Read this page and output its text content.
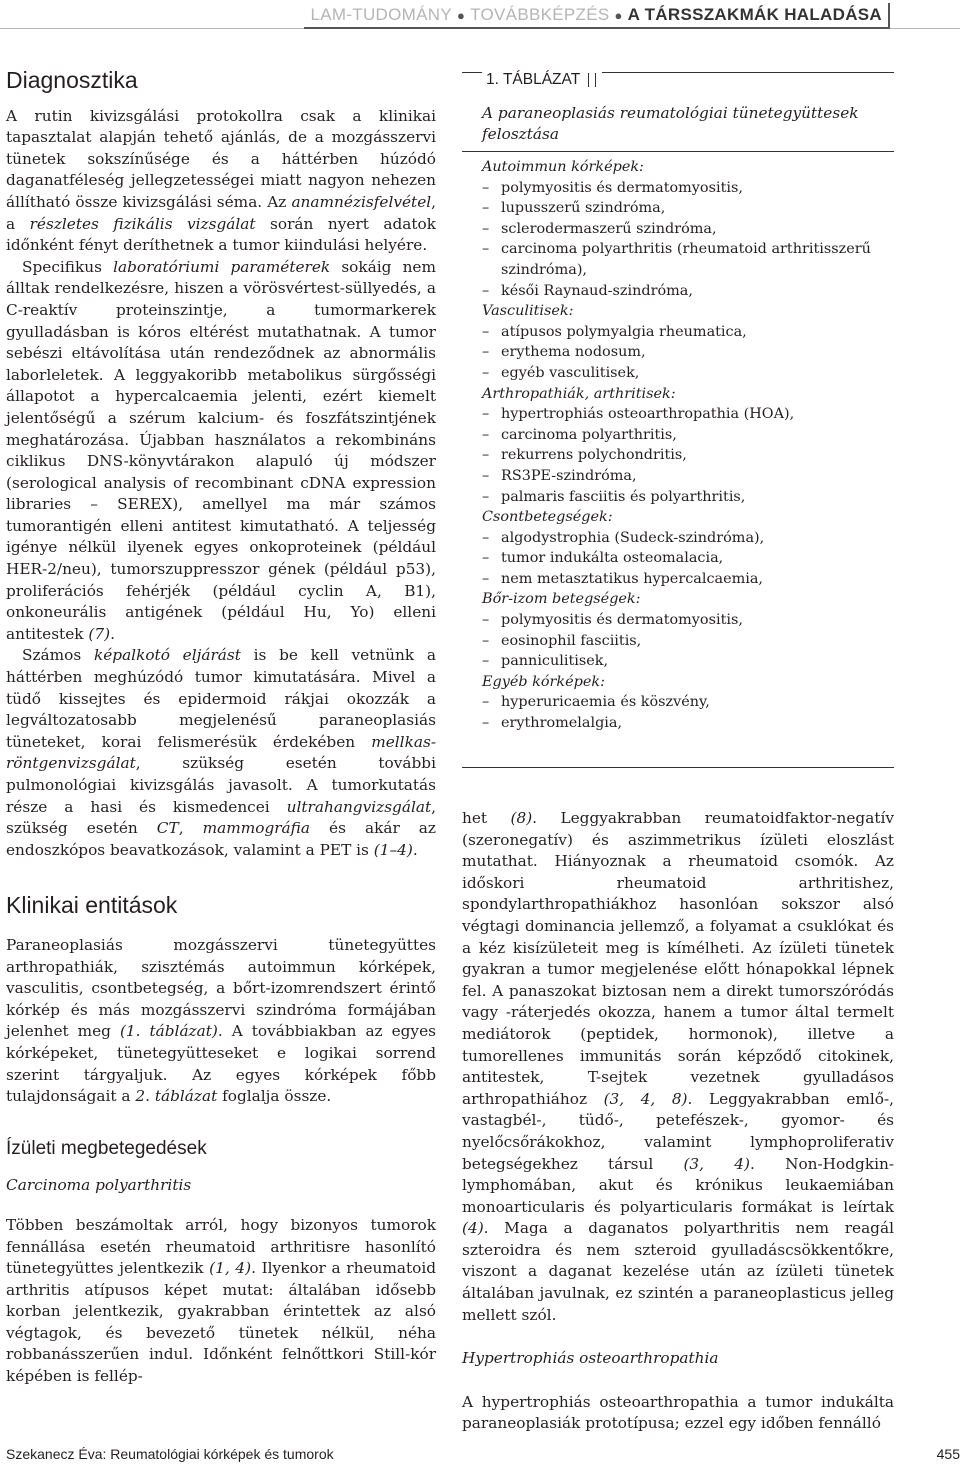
LAM-TUDOMÁNY ● TOVÁBBKÉPZÉS ● A TÁRSSZAKMÁK HALADÁSA
Diagnosztika

A rutin kivizsgálási protokollra csak a klinikai tapasztalat alapján tehető ajánlás, de a mozgásszervi tünetek sokszínűsége és a háttérben húzódó daganatféleség jellegzetességei miatt nagyon nehezen állítható össze kivizsgálási séma. Az anamnézisfelvétel, a részletes fizikális vizsgálat során nyert adatok időnként fényt deríthetnek a tumor kiindulási helyére.

Specifikus laboratóriumi paraméterek sokáig nem álltak rendelkezésre, hiszen a vörösvértest-süllyedés, a C-reaktív proteinszintje, a tumormarkerek gyulladásban is kóros eltérést mutathatnak. A tumor sebészi eltávolítása után rendeződnek az abnormális laborleletek. A leggyakoribb metabolikus sürgősségi állapotot a hypercalcaemia jelenti, ezért kiemelt jelentőségű a szérum kalcium- és foszfátszintjének meghatározása. Újabban használatos a rekombináns ciklikus DNS-könyvtárakon alapuló új módszer (serological analysis of recombinant cDNA expression libraries – SEREX), amellyel ma már számos tumorantigén elleni antitest kimutatható. A teljesség igénye nélkül ilyenek egyes onkoproteinek (például HER-2/neu), tumorszuppresszor gének (például p53), proliferációs fehérjék (például cyclin A, B1), onkoneurális antigének (például Hu, Yo) elleni antitestek (7).

Számos képalkotó eljárást is be kell vetnünk a háttérben meghúzódó tumor kimutatására. Mivel a tüdő kissejtes és epidermoid rákjai okozzák a legváltozatosabb megjelenésű paraneoplasiás tüneteket, korai felismerésük érdekében mellkas-röntgenvizsgálat, szükség esetén további pulmonológiai kivizsgálás javasolt. A tumorkutatás része a hasi és kismedencei ultrahangvizsgálat, szükség esetén CT, mammográfia és akár az endoszkópos beavatkozások, valamint a PET is (1–4).

Klinikai entitások

Paraneoplasiás mozgásszervi tünetegyüttes arthropathiák, szisztémás autoimmun kórképek, vasculitis, csontbetegség, a bőrt-izomrendszert érintő kórkép és más mozgásszervi szindróma formájában jelenhet meg (1. táblázat). A továbbiakban az egyes kórképeket, tünetegyütteseket e logikai sorrend szerint tárgyaljuk. Az egyes kórképek főbb tulajdonságait a 2. táblázat foglalja össze.

Ízületi megbetegedések

Carcinoma polyarthritis

Többen beszámoltak arról, hogy bizonyos tumorok fennállása esetén rheumatoid arthritisre hasonlító tünetegyüttes jelentkezik (1, 4). Ilyenkor a rheumatoid arthritis atípusos képet mutat: általában idősebb korban jelentkezik, gyakrabban érintettek az alsó végtagok, és bevezető tünetek nélkül, néha robbanásszerűen indul. Időnként felnőttkori Still-kór képében is fellép-

1. TÁBLÁZAT
A paraneoplasiás reumatológiai tünetegyüttesek felosztása
Autoimmun kórképek:
– polymyositis és dermatomyositis,
– lupusszerű szindróma,
– sclerodermaszerű szindróma,
– carcinoma polyarthritis (rheumatoid arthritisszerű szindróma),
– késői Raynaud-szindróma,
Vasculitisek:
– atípusos polymyalgia rheumatica,
– erythema nodosum,
– egyéb vasculitisek,
Arthropathiák, arthritisek:
– hypertrophiás osteoarthropathia (HOA),
– carcinoma polyarthritis,
– rekurrens polychondritis,
– RS3PE-szindróma,
– palmaris fasciitis és polyarthritis,
Csontbetegségek:
– algodystrophia (Sudeck-szindróma),
– tumor indukálta osteomalacia,
– nem metasztatikus hypercalcaemia,
Bőr-izom betegségek:
– polymyositis és dermatomyositis,
– eosinophil fasciitis,
– panniculitisek,
Egyéb kórképek:
– hyperuricaemia és köszvény,
– erythromelalgia,

het (8). Leggyakrabban reumatoidfaktor-negatív (szeronegatív) és aszimmetrikus ízületi eloszlást mutathat. Hiányoznak a rheumatoid csomók. Az időskori rheumatoid arthritishez, spondylarthropathiákhoz hasonlóan sokszor alsó végtagi dominancia jellemző, a folyamat a csuklókat és a kéz kisízületeit meg is kímélheti. Az ízületi tünetek gyakran a tumor megjelenése előtt hónapokkal lépnek fel. A panaszokat biztosan nem a direkt tumorszóródás vagy -ráterjedés okozza, hanem a tumor által termelt mediátorok (peptidek, hormonok), illetve a tumorellenes immunitás során képződő citokinek, antitestek, T-sejtek vezetnek gyulladásos arthropathiához (3, 4, 8). Leggyakrabban emlő-, vastagbél-, tüdő-, petefészek-, gyomor- és nyelőcsőrákokhoz, valamint lymphoproliferativ betegségekhez társul (3, 4). Non-Hodgkin-lymphomában, akut és krónikus leukaemiában monoarticularis és polyarticularis formákat is leírtak (4). Maga a daganatos polyarthritis nem reagál szteroidra és nem szteroid gyulladáscsökkentőkre, viszont a daganat kezelése után az ízületi tünetek általában javulnak, ez szintén a paraneoplasticus jelleg mellett szól.

Hypertrophiás osteoarthropathia

A hypertrophiás osteoarthropathia a tumor indukálta paraneoplasiák prototípusa; ezzel egy időben fennálló

Szekanecz Éva: Reumatológiai kórképek és tumorok	455
